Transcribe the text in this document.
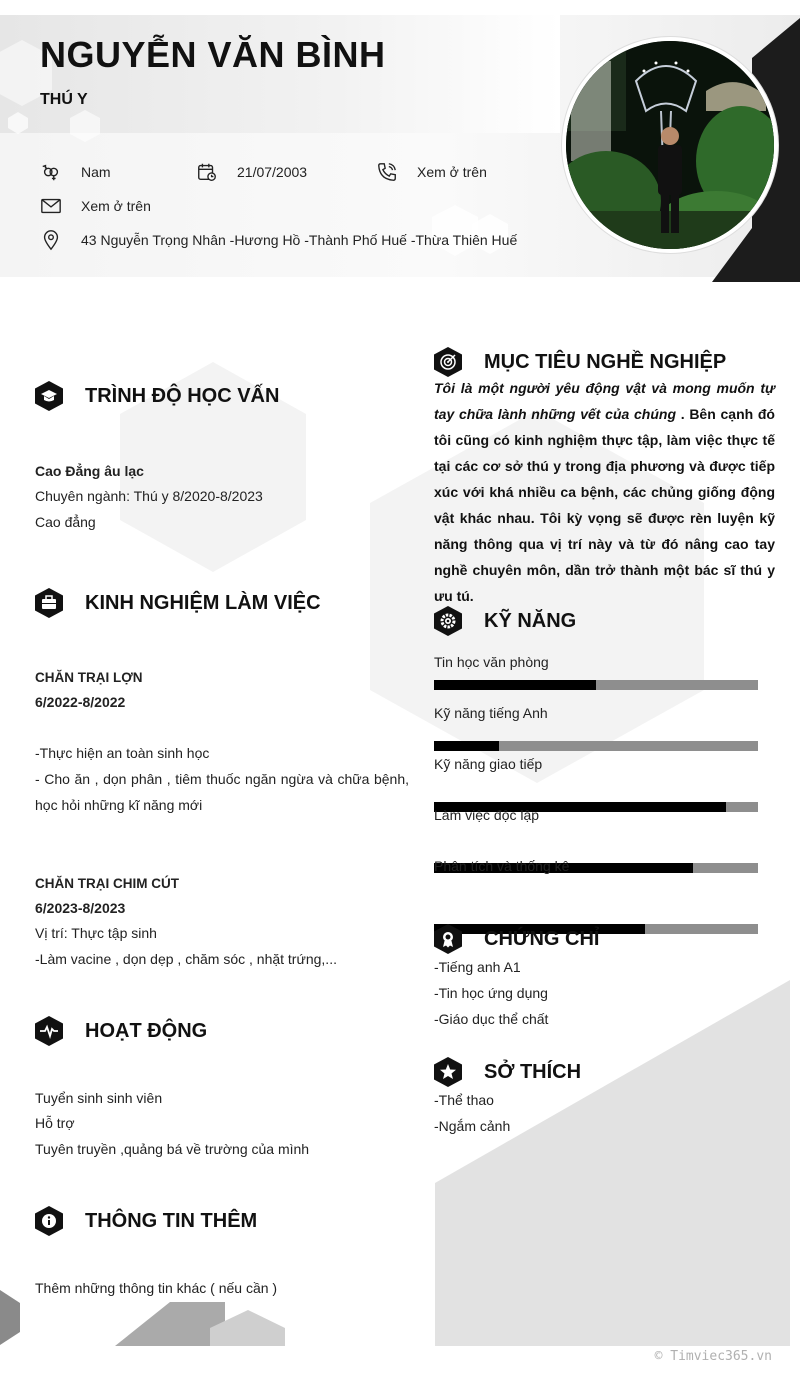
NGUYỄN VĂN BÌNH
THÚ Y
Nam	21/07/2003	Xem ở trên
Xem ở trên
43 Nguyễn Trọng Nhân -Hương Hồ -Thành Phố Huế -Thừa Thiên Huế
TRÌNH ĐỘ HỌC VẤN
Cao Đẳng âu lạc
Chuyên ngành: Thú y 8/2020-8/2023
Cao đẳng
KINH NGHIỆM LÀM VIỆC
CHĂN TRẠI LỢN
6/2022-8/2022
-Thực hiện an toàn sinh học
- Cho ăn , dọn phân , tiêm thuốc ngăn ngừa và chữa bệnh, học hỏi những kĩ năng mới
CHĂN TRẠI CHIM CÚT
6/2023-8/2023
Vị trí: Thực tập sinh
-Làm vacine , dọn dẹp , chăm sóc , nhặt trứng,...
HOẠT ĐỘNG
Tuyển sinh sinh viên
Hỗ trợ
Tuyên truyền ,quảng bá về trường của mình
THÔNG TIN THÊM
Thêm những thông tin khác ( nếu cần )
MỤC TIÊU NGHỀ NGHIỆP
Tôi là một người yêu động vật và mong muốn tự tay chữa lành những vết của chúng . Bên cạnh đó tôi cũng có kinh nghiệm thực tập, làm việc thực tế tại các cơ sở thú y trong địa phương và được tiếp xúc với khá nhiều ca bệnh, các chủng giống động vật khác nhau. Tôi kỳ vọng sẽ được rèn luyện kỹ năng thông qua vị trí này và từ đó nâng cao tay nghề chuyên môn, dần trở thành một bác sĩ thú y ưu tú.
KỸ NĂNG
Tin học văn phòng
Kỹ năng tiếng Anh
Kỹ năng giao tiếp
Làm việc độc lập
Phân tích và thống kê
CHỨNG CHỈ
-Tiếng anh A1
-Tin học ứng dụng
-Giáo dục thể chất
SỞ THÍCH
-Thể thao
-Ngắm cảnh
© Timviec365.vn
